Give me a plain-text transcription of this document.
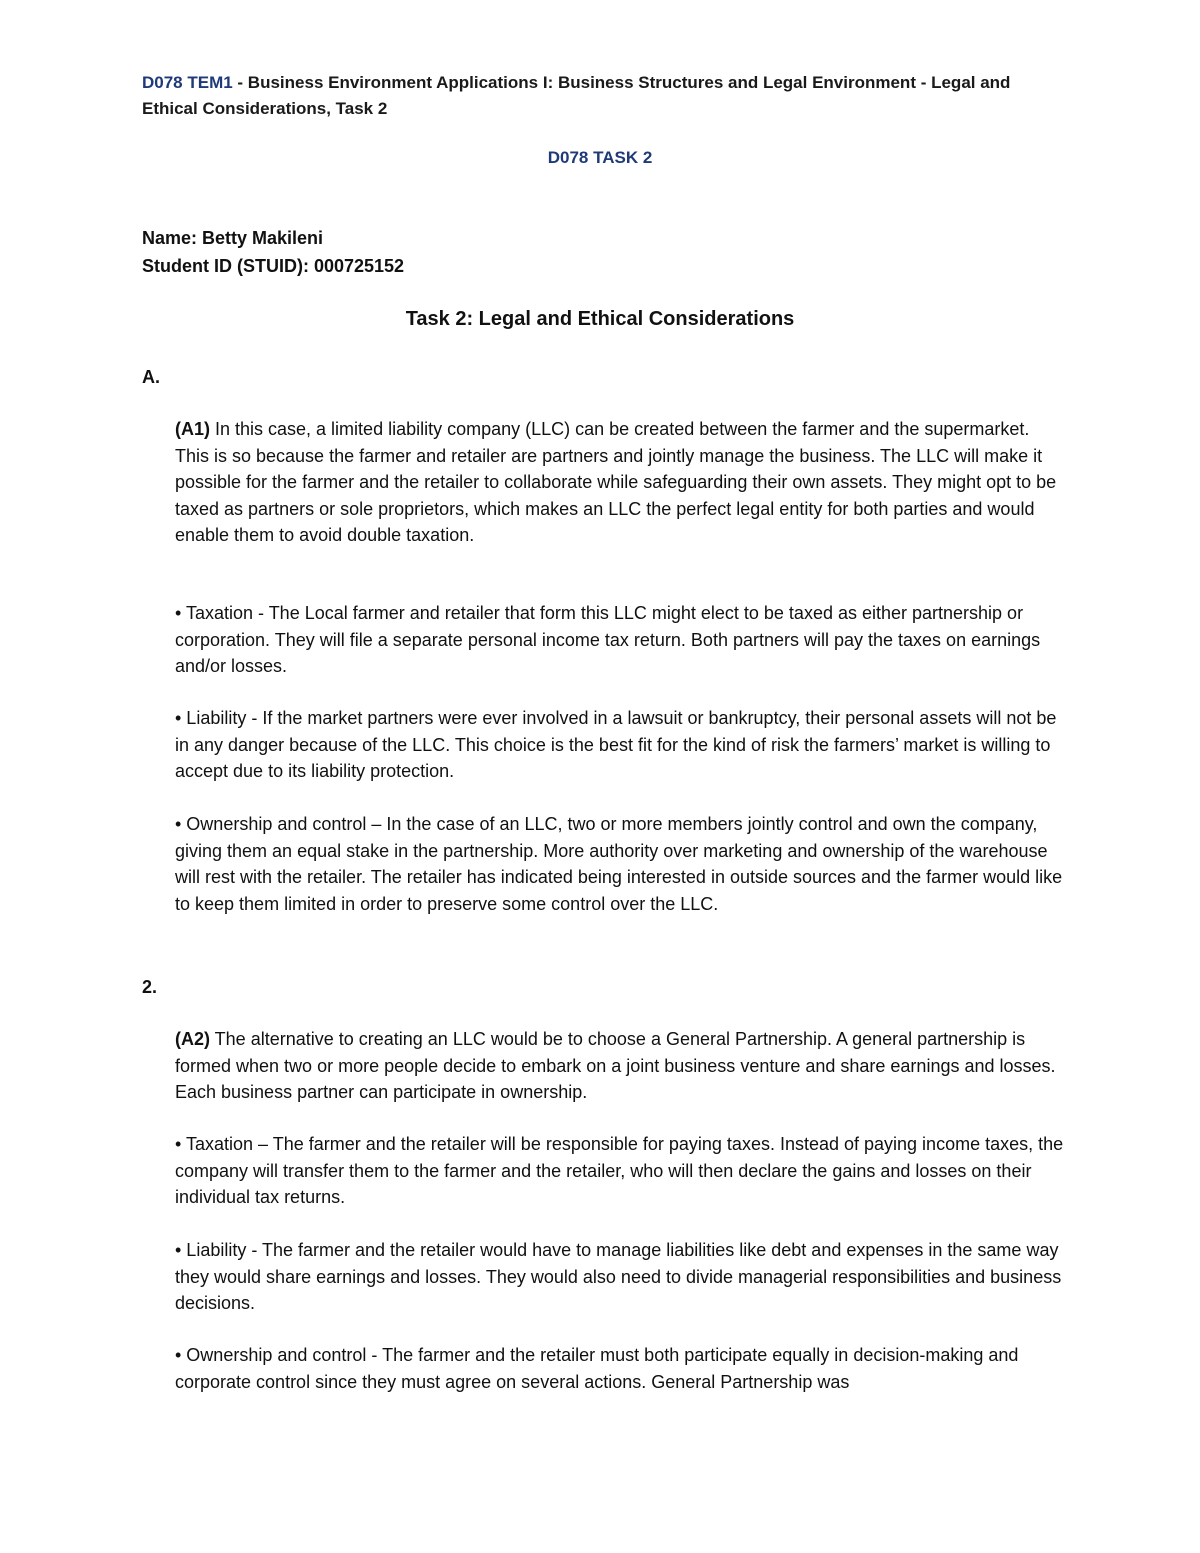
D078 TEM1 - Business Environment Applications I: Business Structures and Legal Environment - Legal and Ethical Considerations, Task 2
D078 TASK 2
Name: Betty Makileni
Student ID (STUID): 000725152
Task 2: Legal and Ethical Considerations
A.

(A1) In this case, a limited liability company (LLC) can be created between the farmer and the supermarket. This is so because the farmer and retailer are partners and jointly manage the business. The LLC will make it possible for the farmer and the retailer to collaborate while safeguarding their own assets. They might opt to be taxed as partners or sole proprietors, which makes an LLC the perfect legal entity for both parties and would enable them to avoid double taxation.

• Taxation - The Local farmer and retailer that form this LLC might elect to be taxed as either partnership or corporation. They will file a separate personal income tax return. Both partners will pay the taxes on earnings and/or losses.
• Liability - If the market partners were ever involved in a lawsuit or bankruptcy, their personal assets will not be in any danger because of the LLC. This choice is the best fit for the kind of risk the farmers’ market is willing to accept due to its liability protection.
• Ownership and control – In the case of an LLC, two or more members jointly control and own the company, giving them an equal stake in the partnership. More authority over marketing and ownership of the warehouse will rest with the retailer. The retailer has indicated being interested in outside sources and the farmer would like to keep them limited in order to preserve some control over the LLC.
2.

(A2) The alternative to creating an LLC would be to choose a General Partnership. A general partnership is formed when two or more people decide to embark on a joint business venture and share earnings and losses. Each business partner can participate in ownership.

• Taxation – The farmer and the retailer will be responsible for paying taxes. Instead of paying income taxes, the company will transfer them to the farmer and the retailer, who will then declare the gains and losses on their individual tax returns.
• Liability - The farmer and the retailer would have to manage liabilities like debt and expenses in the same way they would share earnings and losses. They would also need to divide managerial responsibilities and business decisions.
• Ownership and control - The farmer and the retailer must both participate equally in decision-making and corporate control since they must agree on several actions. General Partnership was
